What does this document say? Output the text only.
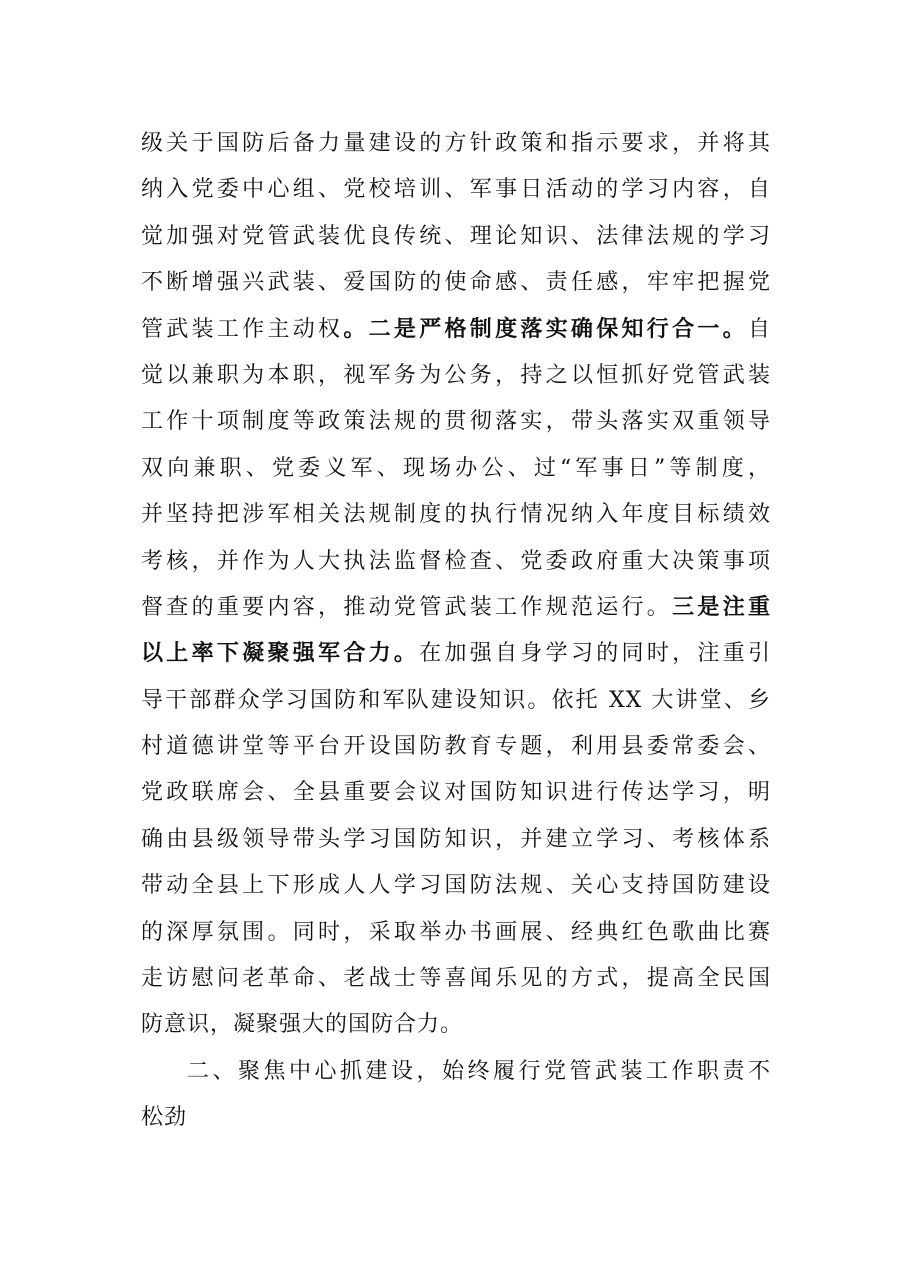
级关于国防后备力量建设的方针政策和指示要求，并将其
纳入党委中心组、党校培训、军事日活动的学习内容，自
觉加强对党管武装优良传统、理论知识、法律法规的学习
不断增强兴武装、爱国防的使命感、责任感，牢牢把握党
管武装工作主动权。二是严格制度落实确保知行合一。自
觉以兼职为本职，视军务为公务，持之以恒抓好党管武装
工作十项制度等政策法规的贯彻落实，带头落实双重领导
双向兼职、党委义军、现场办公、过“军事日”等制度，
并坚持把涉军相关法规制度的执行情况纳入年度目标绩效
考核，并作为人大执法监督检查、党委政府重大决策事项
督查的重要内容，推动党管武装工作规范运行。三是注重
以上率下凝聚强军合力。在加强自身学习的同时，注重引
导干部群众学习国防和军队建设知识。依托 XX 大讲堂、乡
村道德讲堂等平台开设国防教育专题，利用县委常委会、
党政联席会、全县重要会议对国防知识进行传达学习，明
确由县级领导带头学习国防知识，并建立学习、考核体系
带动全县上下形成人人学习国防法规、关心支持国防建设
的深厚氛围。同时，采取举办书画展、经典红色歌曲比赛
走访慰问老革命、老战士等喜闻乐见的方式，提高全民国
防意识，凝聚强大的国防合力。
二、聚焦中心抓建设，始终履行党管武装工作职责不
松劲
